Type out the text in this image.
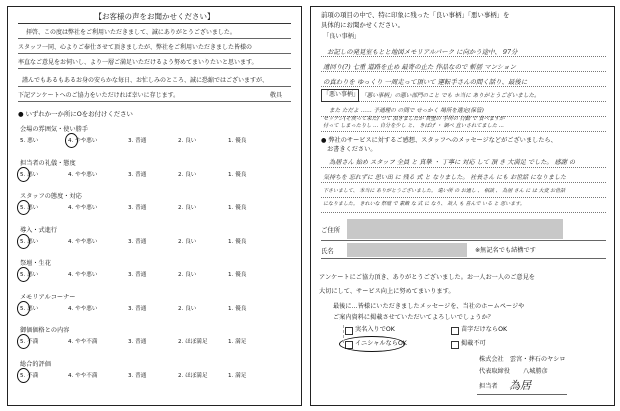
【お客様の声をお聞かせください】
拝啓、この度は弊社をご利用いただきまして、誠にありがとうございました。
スタッフ一同、心よりご奉仕させて頂きましたが、弊社をご利用いただきました皆様の
率直なご意見をお伺いし、より一層ご満足いただけるよう努めてまいりたいと思います。
謹んでもあるもあるお身の安らかな毎日、お忙しみのところ、誠に恐縮ではございますが、
下記アンケートへのご協力をいただければ幸いに存じます。	敬具
● いずれか一か所にOをお付けください
会場の雰囲気・使い勝手
5. 悪い	4. やや悪い	3. 普通	2. 良い	1. 優良
担当者の礼儀・態度
5. 悪い	4. やや悪い	3. 普通	2. 良い	1. 優良
スタッフの態度・対応
5. 悪い	4. やや悪い	3. 普通	2. 良い	1. 優良
導入・式進行
5. 悪い	4. やや悪い	3. 普通	2. 良い	1. 優良
祭壇・生花
5. 悪い	4. やや悪い	3. 普通	2. 良い	1. 優良
メモリアルコーナー
5. 悪い	4. やや悪い	3. 普通	2. 良い	1. 優良
御価価格との内容
5. 不満	4. やや不満	3. 普通	2. ほぼ満足	1. 満足
総合的評価
5. 不満	4. やや不満	3. 普通	2. ほぼ満足	1. 満足
前項の項目の中で、特に印象に残った「良い事柄」「悪い事柄」を
具体的にお聞かせください。
「良い事柄」
お記しの発見室もとと地図メモリアルパーク に向かう途中、 97分
遠回り(?) 七重 道路を止め 最寄の止た 作品なので 斬居 マンション
の真わりを ゆっくり 一周走って頂いて 運転手さんの間く話り、最後に
「悪い事柄」 「悪い事柄」の悪い部門のこと でも ホ当に ありがとうございました。
また ただよ …… 予通理の の間で せっかく 場所を選定(保管)
セッテジ(そ戻って来た) つて 頂きましたが 貴壁の 手所の 行動 で 食べますが
付って しまったりし … 自分を少し と、 きばげ ・ 調べ 直いされてました …
● 弊社のサービスに対するご感想、スタッフへのメッセージなどがございましたら、
お書きください。
為居さん 始め スタッフ 全員 と 真摯 ・ 丁寧に 対応 して 頂 き 大満足 でした。 感謝 の
気持ちを 忘れずに 思い出 に 残る 式 と なりました。 社長さん にも お世話 になりました
下さいまして、 本当に ありがとうございました。 遠い所 の お通し 、 相談 、 為居 さん に は 大変 お世話
になりました。 きれいな 祭壇 で 素敵 な 式 に なり、 故人 も 喜んで いる と 思います。
ご住所
氏名	※無記名でも結構です
アンケートにご協力頂き、ありがとうございました。お一人お一人のご意見を
大切にして、サービス向上に努めてまいります。
最後に…皆様にいただきましたメッセージを、当社のホームページや
ご案内資料に掲載させていただいてよろしいでしょうか？
実名入りでOK	苗字だけならOK
イニシャルならOK	掲載不可
株式会社　雲宮・葬石のヤシロ
代表取締役 八城勝彦
担当者 為居
